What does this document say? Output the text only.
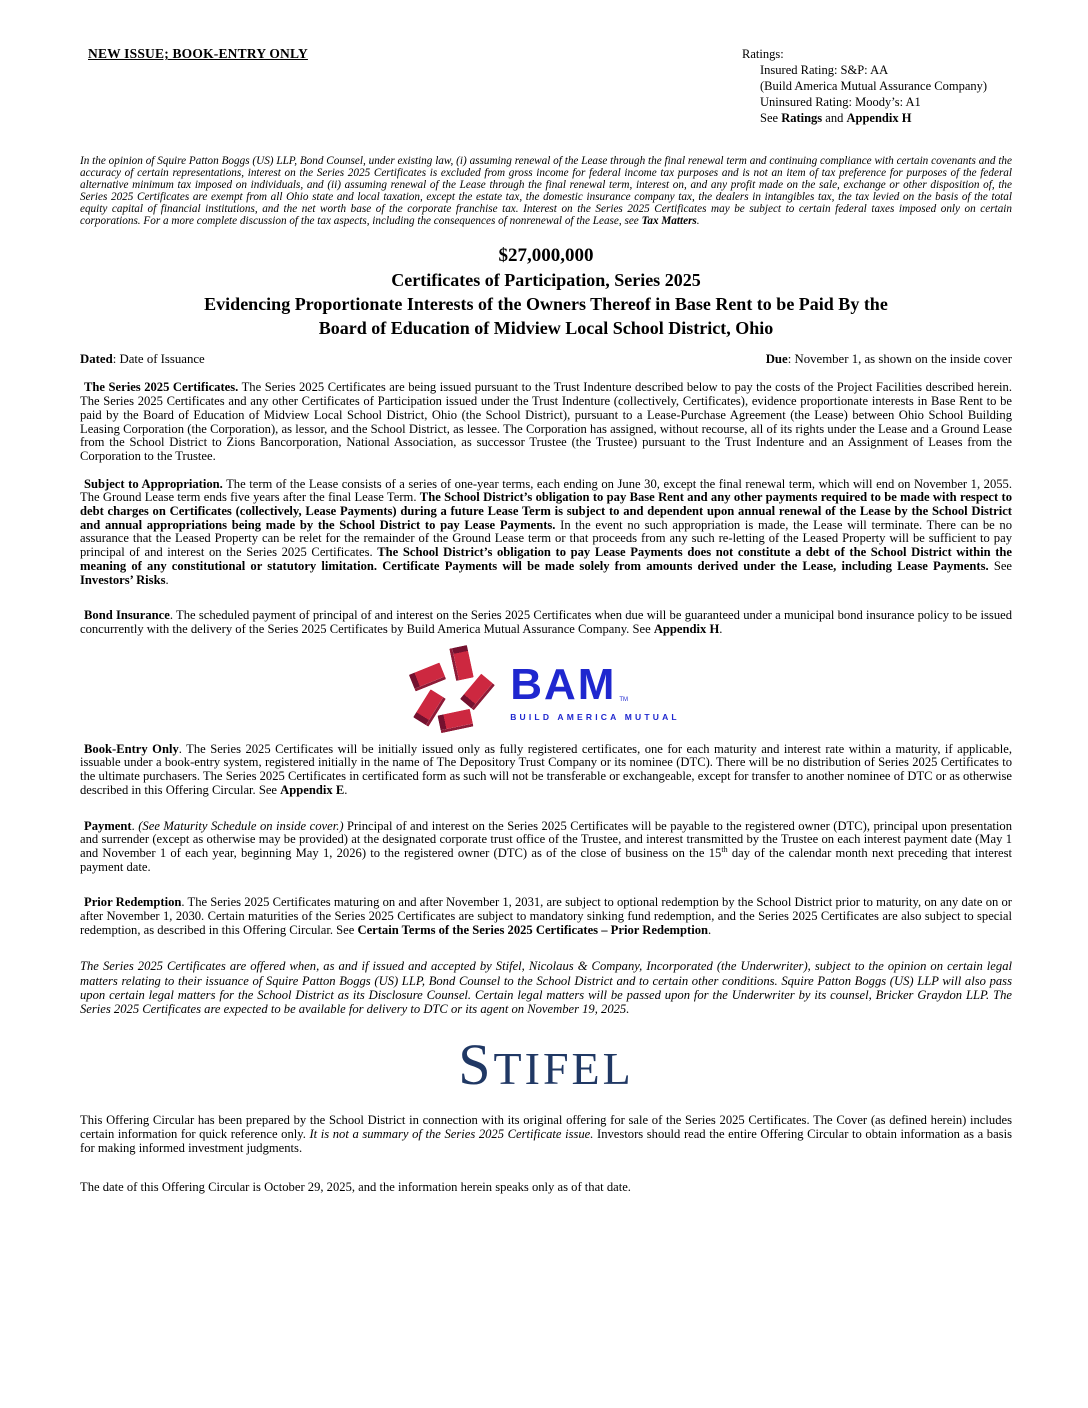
NEW ISSUE; BOOK-ENTRY ONLY	Ratings:
Insured Rating: S&P: AA
(Build America Mutual Assurance Company)
Uninsured Rating: Moody’s: A1
See Ratings and Appendix H
In the opinion of Squire Patton Boggs (US) LLP, Bond Counsel, under existing law, (i) assuming renewal of the Lease through the final renewal term and continuing compliance with certain covenants and the accuracy of certain representations, interest on the Series 2025 Certificates is excluded from gross income for federal income tax purposes and is not an item of tax preference for purposes of the federal alternative minimum tax imposed on individuals, and (ii) assuming renewal of the Lease through the final renewal term, interest on, and any profit made on the sale, exchange or other disposition of, the Series 2025 Certificates are exempt from all Ohio state and local taxation, except the estate tax, the domestic insurance company tax, the dealers in intangibles tax, the tax levied on the basis of the total equity capital of financial institutions, and the net worth base of the corporate franchise tax. Interest on the Series 2025 Certificates may be subject to certain federal taxes imposed only on certain corporations. For a more complete discussion of the tax aspects, including the consequences of nonrenewal of the Lease, see Tax Matters.
$27,000,000
Certificates of Participation, Series 2025
Evidencing Proportionate Interests of the Owners Thereof in Base Rent to be Paid By the
Board of Education of Midview Local School District, Ohio
Dated: Date of Issuance	Due: November 1, as shown on the inside cover
The Series 2025 Certificates. The Series 2025 Certificates are being issued pursuant to the Trust Indenture described below to pay the costs of the Project Facilities described herein. The Series 2025 Certificates and any other Certificates of Participation issued under the Trust Indenture (collectively, Certificates), evidence proportionate interests in Base Rent to be paid by the Board of Education of Midview Local School District, Ohio (the School District), pursuant to a Lease-Purchase Agreement (the Lease) between Ohio School Building Leasing Corporation (the Corporation), as lessor, and the School District, as lessee. The Corporation has assigned, without recourse, all of its rights under the Lease and a Ground Lease from the School District to Zions Bancorporation, National Association, as successor Trustee (the Trustee) pursuant to the Trust Indenture and an Assignment of Leases from the Corporation to the Trustee.
Subject to Appropriation. The term of the Lease consists of a series of one-year terms, each ending on June 30, except the final renewal term, which will end on November 1, 2055. The Ground Lease term ends five years after the final Lease Term. The School District’s obligation to pay Base Rent and any other payments required to be made with respect to debt charges on Certificates (collectively, Lease Payments) during a future Lease Term is subject to and dependent upon annual renewal of the Lease by the School District and annual appropriations being made by the School District to pay Lease Payments. In the event no such appropriation is made, the Lease will terminate. There can be no assurance that the Leased Property can be relet for the remainder of the Ground Lease term or that proceeds from any such re-letting of the Leased Property will be sufficient to pay principal of and interest on the Series 2025 Certificates. The School District’s obligation to pay Lease Payments does not constitute a debt of the School District within the meaning of any constitutional or statutory limitation. Certificate Payments will be made solely from amounts derived under the Lease, including Lease Payments. See Investors’ Risks.
Bond Insurance. The scheduled payment of principal of and interest on the Series 2025 Certificates when due will be guaranteed under a municipal bond insurance policy to be issued concurrently with the delivery of the Series 2025 Certificates by Build America Mutual Assurance Company. See Appendix H.
BAM TM
BUILD AMERICA MUTUAL
Book-Entry Only. The Series 2025 Certificates will be initially issued only as fully registered certificates, one for each maturity and interest rate within a maturity, if applicable, issuable under a book-entry system, registered initially in the name of The Depository Trust Company or its nominee (DTC). There will be no distribution of Series 2025 Certificates to the ultimate purchasers. The Series 2025 Certificates in certificated form as such will not be transferable or exchangeable, except for transfer to another nominee of DTC or as otherwise described in this Offering Circular. See Appendix E.
Payment. (See Maturity Schedule on inside cover.) Principal of and interest on the Series 2025 Certificates will be payable to the registered owner (DTC), principal upon presentation and surrender (except as otherwise may be provided) at the designated corporate trust office of the Trustee, and interest transmitted by the Trustee on each interest payment date (May 1 and November 1 of each year, beginning May 1, 2026) to the registered owner (DTC) as of the close of business on the 15th day of the calendar month next preceding that interest payment date.
Prior Redemption. The Series 2025 Certificates maturing on and after November 1, 2031, are subject to optional redemption by the School District prior to maturity, on any date on or after November 1, 2030. Certain maturities of the Series 2025 Certificates are subject to mandatory sinking fund redemption, and the Series 2025 Certificates are also subject to special redemption, as described in this Offering Circular. See Certain Terms of the Series 2025 Certificates – Prior Redemption.
The Series 2025 Certificates are offered when, as and if issued and accepted by Stifel, Nicolaus & Company, Incorporated (the Underwriter), subject to the opinion on certain legal matters relating to their issuance of Squire Patton Boggs (US) LLP, Bond Counsel to the School District and to certain other conditions. Squire Patton Boggs (US) LLP will also pass upon certain legal matters for the School District as its Disclosure Counsel. Certain legal matters will be passed upon for the Underwriter by its counsel, Bricker Graydon LLP. The Series 2025 Certificates are expected to be available for delivery to DTC or its agent on November 19, 2025.
STIFEL
This Offering Circular has been prepared by the School District in connection with its original offering for sale of the Series 2025 Certificates. The Cover (as defined herein) includes certain information for quick reference only. It is not a summary of the Series 2025 Certificate issue. Investors should read the entire Offering Circular to obtain information as a basis for making informed investment judgments.
The date of this Offering Circular is October 29, 2025, and the information herein speaks only as of that date.
